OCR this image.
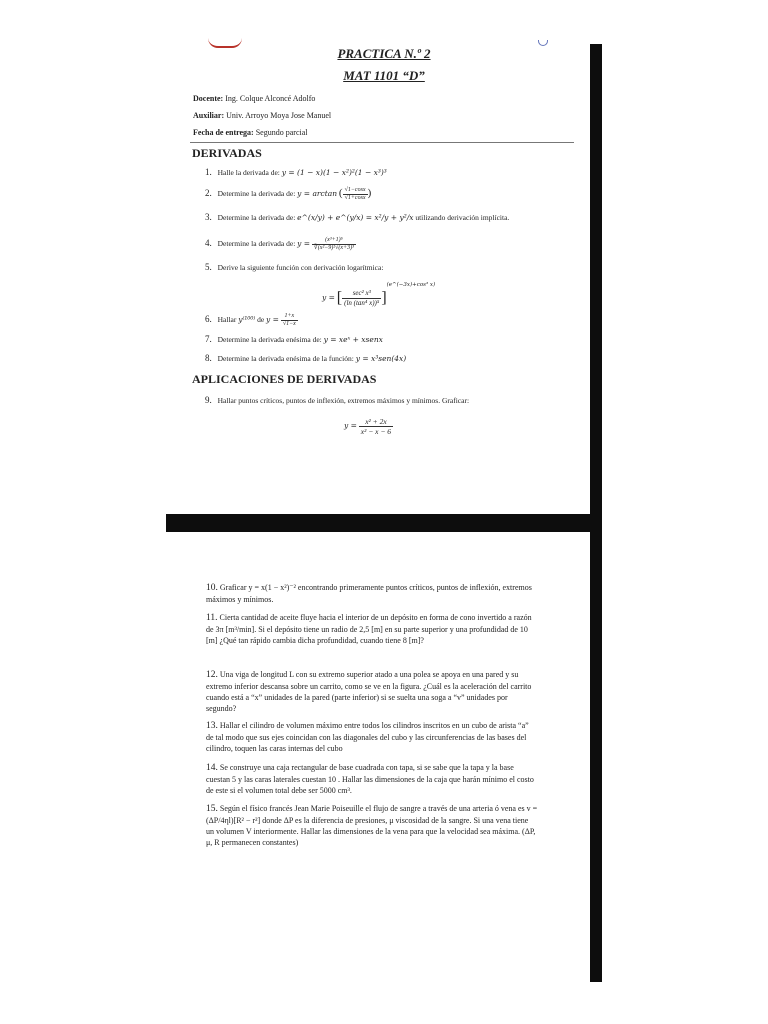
PRACTICA N.º 2
MAT 1101 “D”
Docente: Ing. Colque Alconcé Adolfo
Auxiliar: Univ. Arroyo Moya Jose Manuel
Fecha de entrega: Segundo parcial
DERIVADAS
1. Halle la derivada de: y = (1 − x)(1 − x²)²(1 − x³)³
2. Determine la derivada de: y = arctan ( $\frac{√1-\cos x}{√1+\cos x}$ )
3. Determine la derivada de: e^(x/y) + e^(y/x) = x²/y + y²/x utilizando derivación implícita.
4. Determine la derivada de: $y = \frac{\text{(x³+1)⁵}}{\text{∛(x²−9)²√(x+3)³}}$
5. Derive la siguiente función con derivación logarítmica:
y = [ $\frac{\text{sec² x³}}{\text{(ln (tan⁴ x))⁵}} ]^{(e\^{}(-3x)+cos^3 x)}$
6. Hallar y⁽¹⁰⁰⁾ de $y = \frac{1+x}{√1-x}$
7. Determine la derivada enésima de: y = xeˣ + xsenx
8. Determine la derivada enésima de la función: y = x³sen(4x)
APLICACIONES DE DERIVADAS
9. Hallar puntos críticos, puntos de inflexión, extremos máximos y mínimos. Graficar:
$y = \frac{\text{x² + 2x}}{\text{x² − x − 6}}$
10. Graficar y = x(1 − x²)⁻² encontrando primeramente puntos críticos, puntos de inflexión, extremos máximos y mínimos.
11. Cierta cantidad de aceite fluye hacia el interior de un depósito en forma de cono invertido a razón de 3π [m³/min]. Si el depósito tiene un radio de 2,5 [m] en su parte superior y una profundidad de 10 [m] ¿Qué tan rápido cambia dicha profundidad, cuando tiene 8 [m]?
12. Una viga de longitud L con su extremo superior atado a una polea se apoya en una pared y su extremo inferior descansa sobre un carrito, como se ve en la figura. ¿Cuál es la aceleración del carrito cuando está a “x” unidades de la pared (parte inferior) si se suelta una soga a “v” unidades por segundo?
13. Hallar el cilindro de volumen máximo entre todos los cilindros inscritos en un cubo de arista “a” de tal modo que sus ejes coincidan con las diagonales del cubo y las circunferencias de las bases del cilindro, toquen las caras internas del cubo
14. Se construye una caja rectangular de base cuadrada con tapa, si se sabe que la tapa y la base cuestan 5 y las caras laterales cuestan 10 . Hallar las dimensiones de la caja que harán mínimo el costo de este si el volumen total debe ser 5000 cm³.
15. Según el físico francés Jean Marie Poiseuille el flujo de sangre a través de una arteria ó vena es v = (ΔP/4ηl)[R² − r²] donde ΔP es la diferencia de presiones, μ viscosidad de la sangre. Si una vena tiene un volumen V interiormente. Hallar las dimensiones de la vena para que la velocidad sea máxima. (ΔP, μ, R permanecen constantes)
